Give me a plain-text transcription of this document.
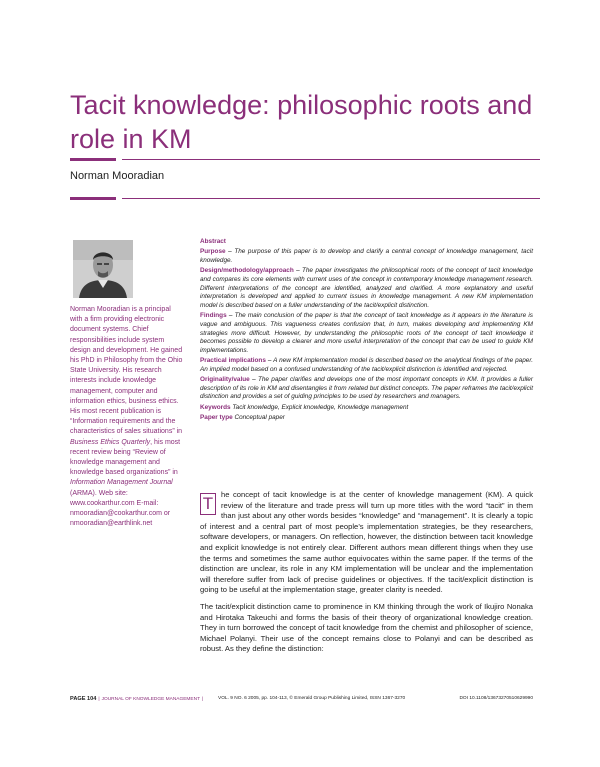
Tacit knowledge: philosophic roots and role in KM
Norman Mooradian
Norman Mooradian is a principal with a firm providing electronic document systems. Chief responsibilities include system design and development. He gained his PhD in Philosophy from the Ohio State University. His research interests include knowledge management, computer and information ethics, business ethics. His most recent publication is “Information requirements and the characteristics of sales situations” in Business Ethics Quarterly, his most recent review being “Review of knowledge management and knowledge based organizations” in Information Management Journal (ARMA). Web site: www.cookarthur.com E-mail: nmooradian@cookarthur.com or nmooradian@earthlink.net

Abstract

Purpose – The purpose of this paper is to develop and clarify a central concept of knowledge management, tacit knowledge.

Design/methodology/approach – The paper investigates the philosophical roots of the concept of tacit knowledge and compares its core elements with current uses of the concept in contemporary knowledge management research. Different interpretations of the concept are identified, analyzed and clarified. A more explanatory and useful interpretation is developed and applied to current issues in knowledge management. A new KM implementation model is described based on a fuller understanding of the tacit/explicit distinction.

Findings – The main conclusion of the paper is that the concept of tacit knowledge as it appears in the literature is vague and ambiguous. This vagueness creates confusion that, in turn, makes developing and implementing KM strategies more difficult. However, by understanding the philosophic roots of the concept of tacit knowledge it becomes possible to develop a clearer and more useful interpretation of the concept that can be used to guide KM implementations.

Practical implications – A new KM implementation model is described based on the analytical findings of the paper. An implied model based on a confused understanding of the tacit/explicit distinction is identified and rejected.

Originality/value – The paper clarifies and develops one of the most important concepts in KM. It provides a fuller description of its role in KM and disentangles it from related but distinct concepts. The paper reframes the tacit/explicit distinction and provides a set of guiding principles to be used by researchers and managers.

Keywords Tacit knowledge, Explicit knowledge, Knowledge management

Paper type Conceptual paper

T	he concept of tacit knowledge is at the center of knowledge management (KM). A quick review of the literature and trade press will turn up more titles with the word “tacit” in them than just about any other words besides “knowledge” and “management”. It is clearly a topic of interest and a central part of most people’s implementation strategies, be they researchers, software developers, or managers. On reflection, however, the distinction between tacit knowledge and explicit knowledge is not entirely clear. Different authors mean different things when they use the terms and sometimes the same author equivocates within the same paper. If the terms of the distinction are unclear, its role in any KM implementation will be unclear and the implementation will therefore suffer from lack of precise guidelines or objectives. If the tacit/explicit distinction is going to be useful at the implementation stage, greater clarity is needed.

The tacit/explicit distinction came to prominence in KM thinking through the work of Ikujiro Nonaka and Hirotaka Takeuchi and forms the basis of their theory of organizational knowledge creation. They in turn borrowed the concept of tacit knowledge from the chemist and philosopher of science, Michael Polanyi. Their use of the concept remains close to Polanyi and can be described as robust. As they define the distinction:

PAGE 104 | JOURNAL OF KNOWLEDGE MANAGEMENT |	VOL. 9 NO. 6 2005, pp. 104-113, © Emerald Group Publishing Limited, ISSN 1367-3270	DOI 10.1108/13673270510629990
